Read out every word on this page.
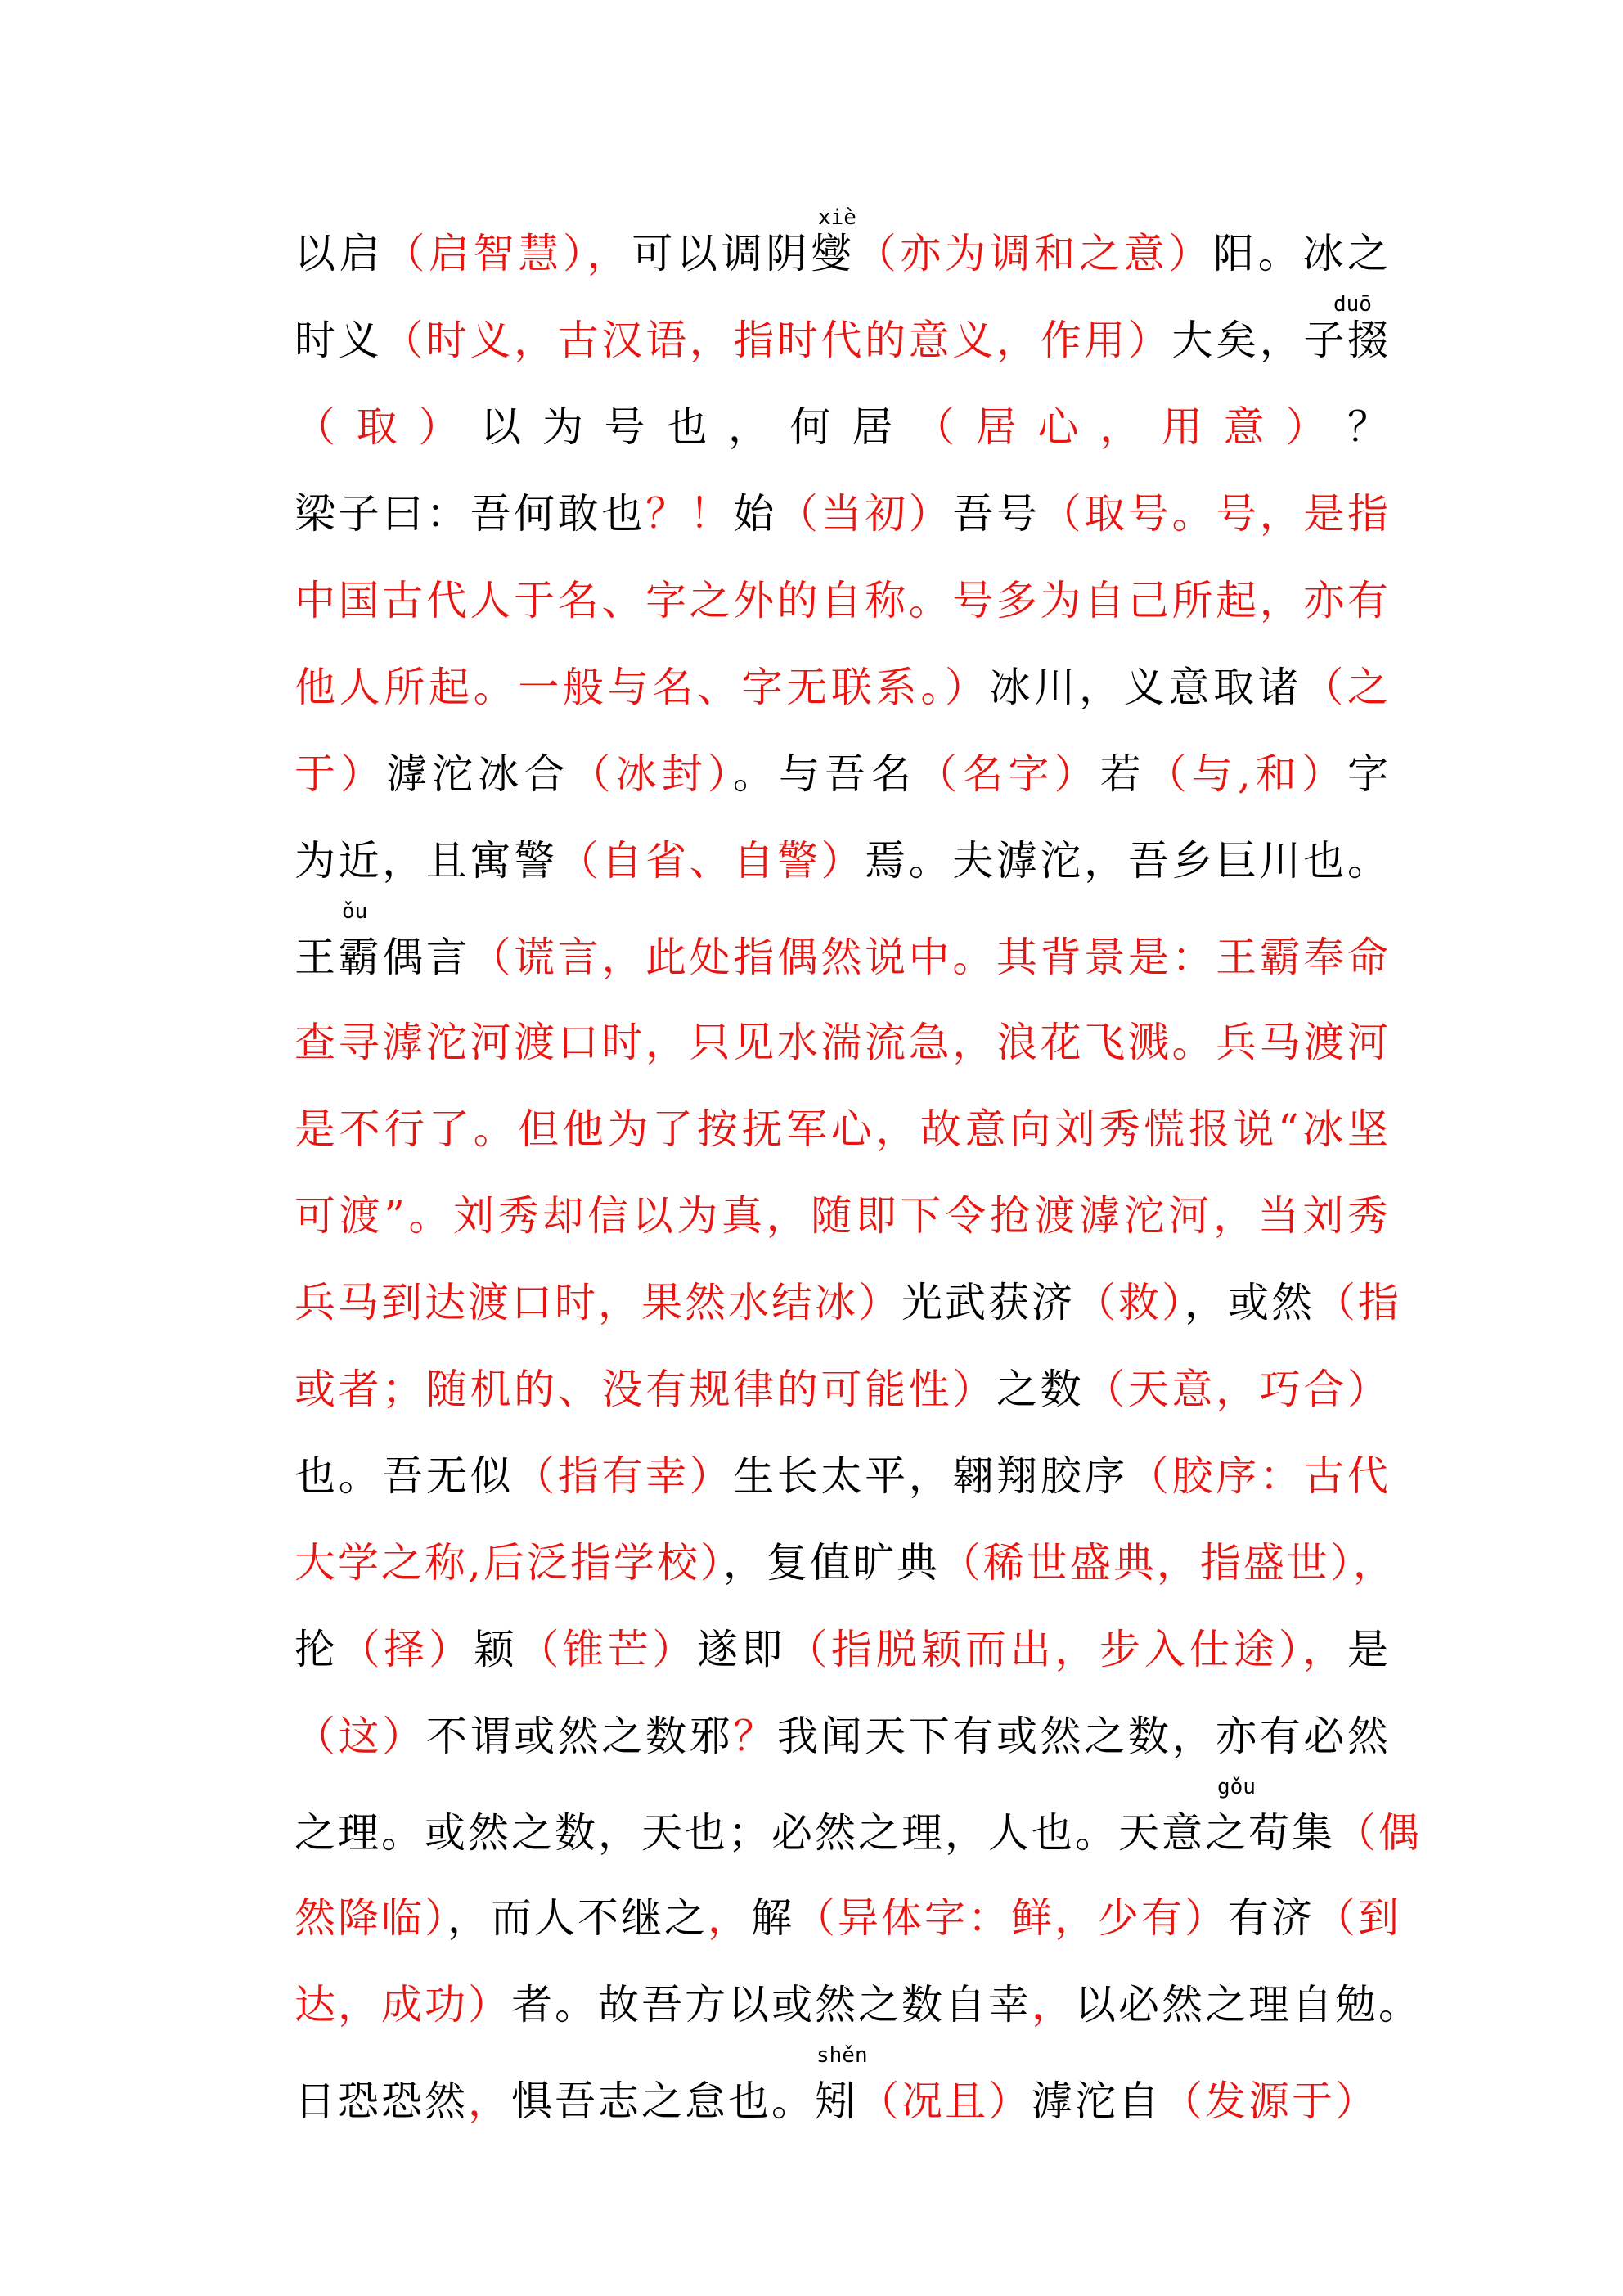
xiè
以启（启智慧），可以调阴燮（亦为调和之意）阳。冰之
duō
时义（时义，古汉语，指时代的意义，作用）大矣，子掇
（取）以为号也，何居（居心，用意）？
梁子曰：吾何敢也？！始（当初）吾号（取号。号，是指
中国古代人于名、字之外的自称。号多为自己所起，亦有
他人所起。一般与名、字无联系。）冰川，义意取诸（之
于）滹沱冰合（冰封）。与吾名（名字）若（与,和）字
为近，且寓警（自省、自警）焉。夫滹沱，吾乡巨川也。
ǒu
王霸偶言（谎言，此处指偶然说中。其背景是：王霸奉命
查寻滹沱河渡口时，只见水湍流急，浪花飞溅。兵马渡河
是不行了。但他为了按抚军心，故意向刘秀慌报说“冰坚
可渡”。刘秀却信以为真，随即下令抢渡滹沱河，当刘秀
兵马到达渡口时，果然水结冰）光武获济（救），或然（指
或者；随机的、没有规律的可能性）之数（天意，巧合）
也。吾无似（指有幸）生长太平，翱翔胶序（胶序：古代
大学之称,后泛指学校），复值旷典（稀世盛典，指盛世），
抡（择）颖（锥芒）遂即（指脱颖而出，步入仕途），是
（这）不谓或然之数邪？我闻天下有或然之数，亦有必然
gǒu
之理。或然之数，天也；必然之理，人也。天意之苟集（偶
然降临），而人不继之，解（异体字：鲜，少有）有济（到
达，成功）者。故吾方以或然之数自幸，以必然之理自勉。
shěn
日恐恐然，惧吾志之怠也。矧（况且）滹沱自（发源于）
